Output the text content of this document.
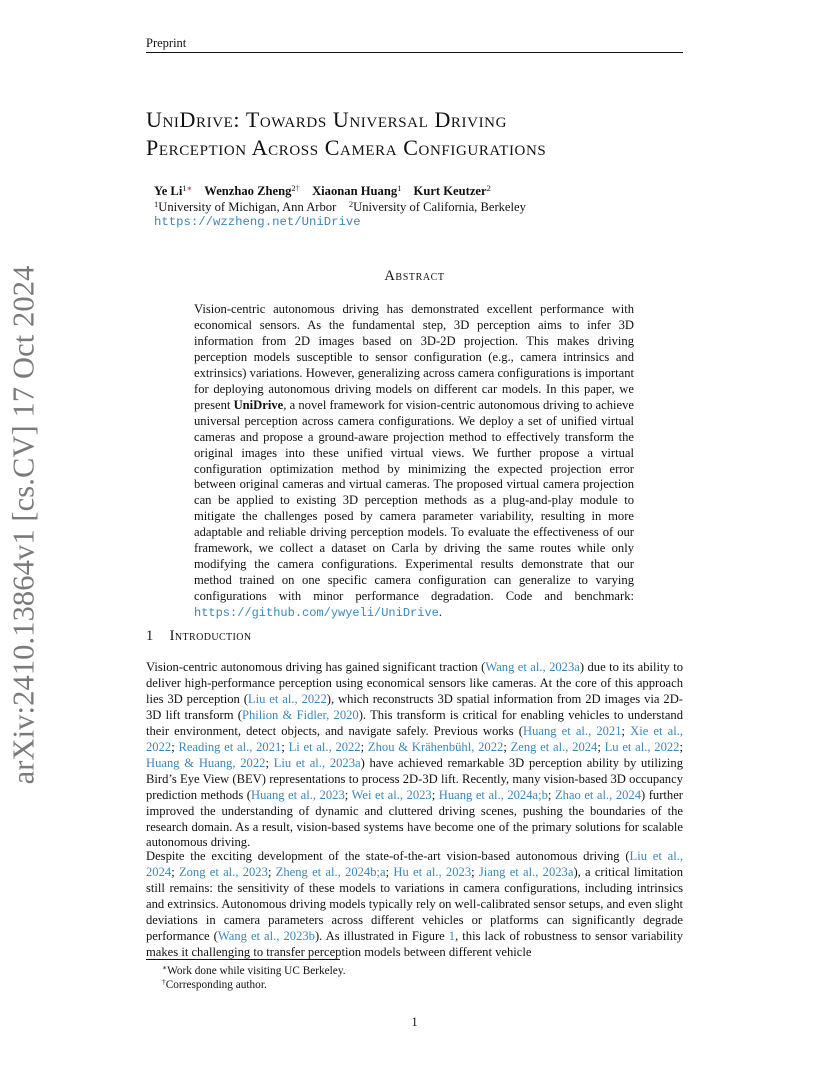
Preprint
arXiv:2410.13864v1 [cs.CV] 17 Oct 2024
UniDrive: Towards Universal Driving
Perception Across Camera Configurations
Ye $Li^{1∗}$ Wenzhao Zheng$^{2\dagger}$ Xiaonan Huang$^1$ Kurt Keutzer$^2$
$^1$University of Michigan, Ann Arbor $^2$University of California, Berkeley
https://wzzheng.net/UniDrive
Abstract
Vision-centric autonomous driving has demonstrated excellent performance with economical sensors. As the fundamental step, 3D perception aims to infer 3D information from 2D images based on 3D-2D projection. This makes driving perception models susceptible to sensor configuration (e.g., camera intrinsics and extrinsics) variations. However, generalizing across camera configurations is important for deploying autonomous driving models on different car models. In this paper, we present UniDrive, a novel framework for vision-centric autonomous driving to achieve universal perception across camera configurations. We deploy a set of unified virtual cameras and propose a ground-aware projection method to effectively transform the original images into these unified virtual views. We further propose a virtual configuration optimization method by minimizing the expected projection error between original cameras and virtual cameras. The proposed virtual camera projection can be applied to existing 3D perception methods as a plug-and-play module to mitigate the challenges posed by camera parameter variability, resulting in more adaptable and reliable driving perception models. To evaluate the effectiveness of our framework, we collect a dataset on Carla by driving the same routes while only modifying the camera configurations. Experimental results demonstrate that our method trained on one specific camera configuration can generalize to varying configurations with minor performance degradation. Code and benchmark: https://github.com/ywyeli/UniDrive.
1 Introduction
Vision-centric autonomous driving has gained significant traction (Wang et al., 2023a) due to its ability to deliver high-performance perception using economical sensors like cameras. At the core of this approach lies 3D perception (Liu et al., 2022), which reconstructs 3D spatial information from 2D images via 2D-3D lift transform (Philion & Fidler, 2020). This transform is critical for enabling vehicles to understand their environment, detect objects, and navigate safely. Previous works (Huang et al., 2021; Xie et al., 2022; Reading et al., 2021; Li et al., 2022; Zhou & Krähenbühl, 2022; Zeng et al., 2024; Lu et al., 2022; Huang & Huang, 2022; Liu et al., 2023a) have achieved remarkable 3D perception ability by utilizing Bird’s Eye View (BEV) representations to process 2D-3D lift. Recently, many vision-based 3D occupancy prediction methods (Huang et al., 2023; Wei et al., 2023; Huang et al., 2024a;b; Zhao et al., 2024) further improved the understanding of dynamic and cluttered driving scenes, pushing the boundaries of the research domain. As a result, vision-based systems have become one of the primary solutions for scalable autonomous driving.
Despite the exciting development of the state-of-the-art vision-based autonomous driving (Liu et al., 2024; Zong et al., 2023; Zheng et al., 2024b;a; Hu et al., 2023; Jiang et al., 2023a), a critical limitation still remains: the sensitivity of these models to variations in camera configurations, including intrinsics and extrinsics. Autonomous driving models typically rely on well-calibrated sensor setups, and even slight deviations in camera parameters across different vehicles or platforms can significantly degrade performance (Wang et al., 2023b). As illustrated in Figure 1, this lack of robustness to sensor variability makes it challenging to transfer perception models between different vehicle
∗Work done while visiting UC Berkeley.
†Corresponding author.
1
